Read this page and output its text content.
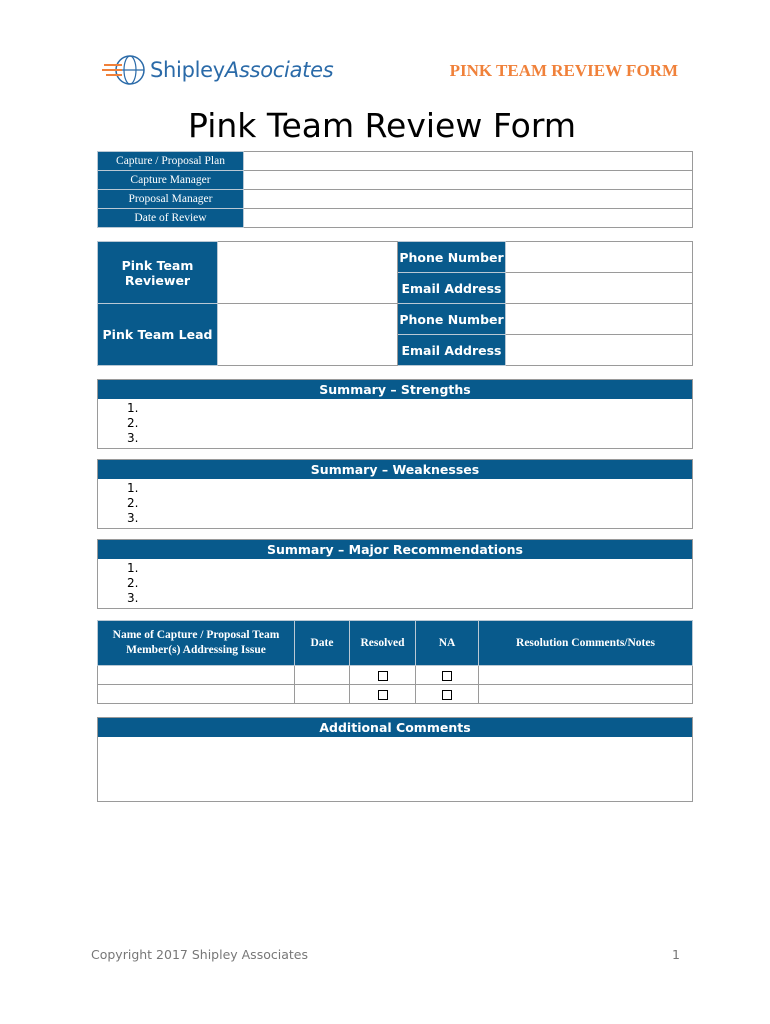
ShipleyAssociates	PINK TEAM REVIEW FORM
Pink Team Review Form
Capture / Proposal Plan	
Capture Manager	
Proposal Manager	
Date of Review	
Pink Team Reviewer		Phone Number	
		Email Address	
Pink Team Lead		Phone Number	
		Email Address	
Summary – Strengths
1.
2.
3.
Summary – Weaknesses
1.
2.
3.
Summary – Major Recommendations
1.
2.
3.
Name of Capture / Proposal Team Member(s) Addressing Issue	Date	Resolved	NA	Resolution Comments/Notes

Additional Comments
Copyright 2017 Shipley Associates	1
